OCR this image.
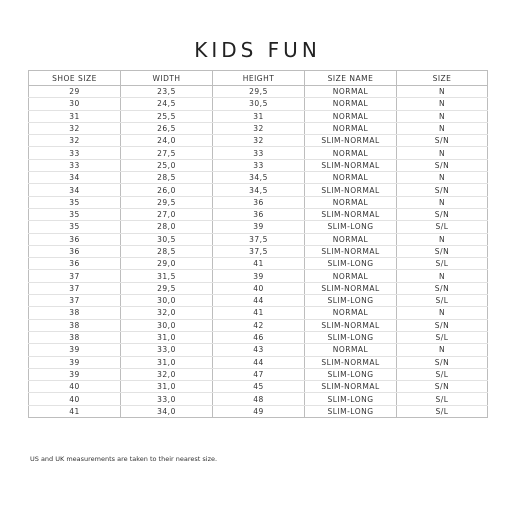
KIDS FUN
SHOE SIZE	WIDTH	HEIGHT	SIZE NAME	SIZE
29	23,5	29,5	NORMAL	N
30	24,5	30,5	NORMAL	N
31	25,5	31	NORMAL	N
32	26,5	32	NORMAL	N
32	24,0	32	SLIM-NORMAL	S/N
33	27,5	33	NORMAL	N
33	25,0	33	SLIM-NORMAL	S/N
34	28,5	34,5	NORMAL	N
34	26,0	34,5	SLIM-NORMAL	S/N
35	29,5	36	NORMAL	N
35	27,0	36	SLIM-NORMAL	S/N
35	28,0	39	SLIM-LONG	S/L
36	30,5	37,5	NORMAL	N
36	28,5	37,5	SLIM-NORMAL	S/N
36	29,0	41	SLIM-LONG	S/L
37	31,5	39	NORMAL	N
37	29,5	40	SLIM-NORMAL	S/N
37	30,0	44	SLIM-LONG	S/L
38	32,0	41	NORMAL	N
38	30,0	42	SLIM-NORMAL	S/N
38	31,0	46	SLIM-LONG	S/L
39	33,0	43	NORMAL	N
39	31,0	44	SLIM-NORMAL	S/N
39	32,0	47	SLIM-LONG	S/L
40	31,0	45	SLIM-NORMAL	S/N
40	33,0	48	SLIM-LONG	S/L
41	34,0	49	SLIM-LONG	S/L
US and UK measurements are taken to their nearest size.
